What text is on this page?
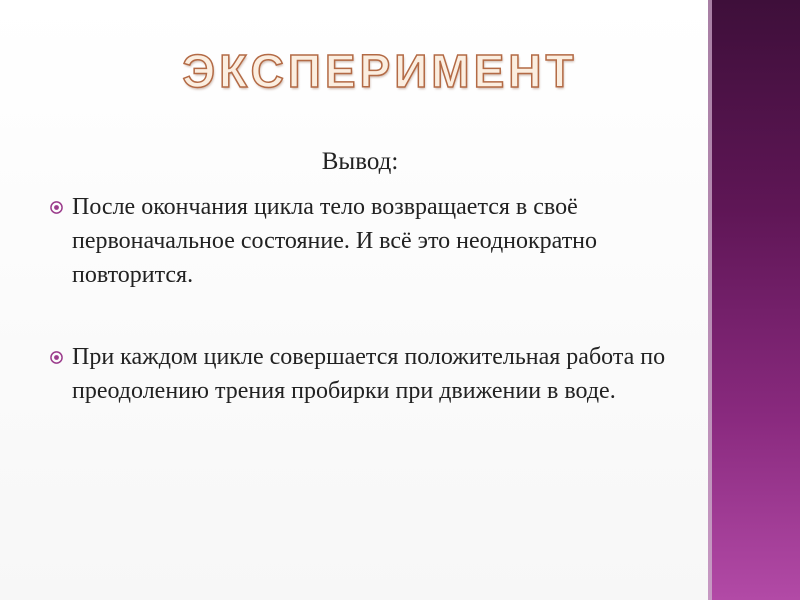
ЭКСПЕРИМЕНТ
Вывод:
После окончания цикла тело возвращается в своё первоначальное состояние. И всё это неоднократно повторится.
При каждом цикле совершается положительная работа по преодолению трения пробирки при движении в воде.
